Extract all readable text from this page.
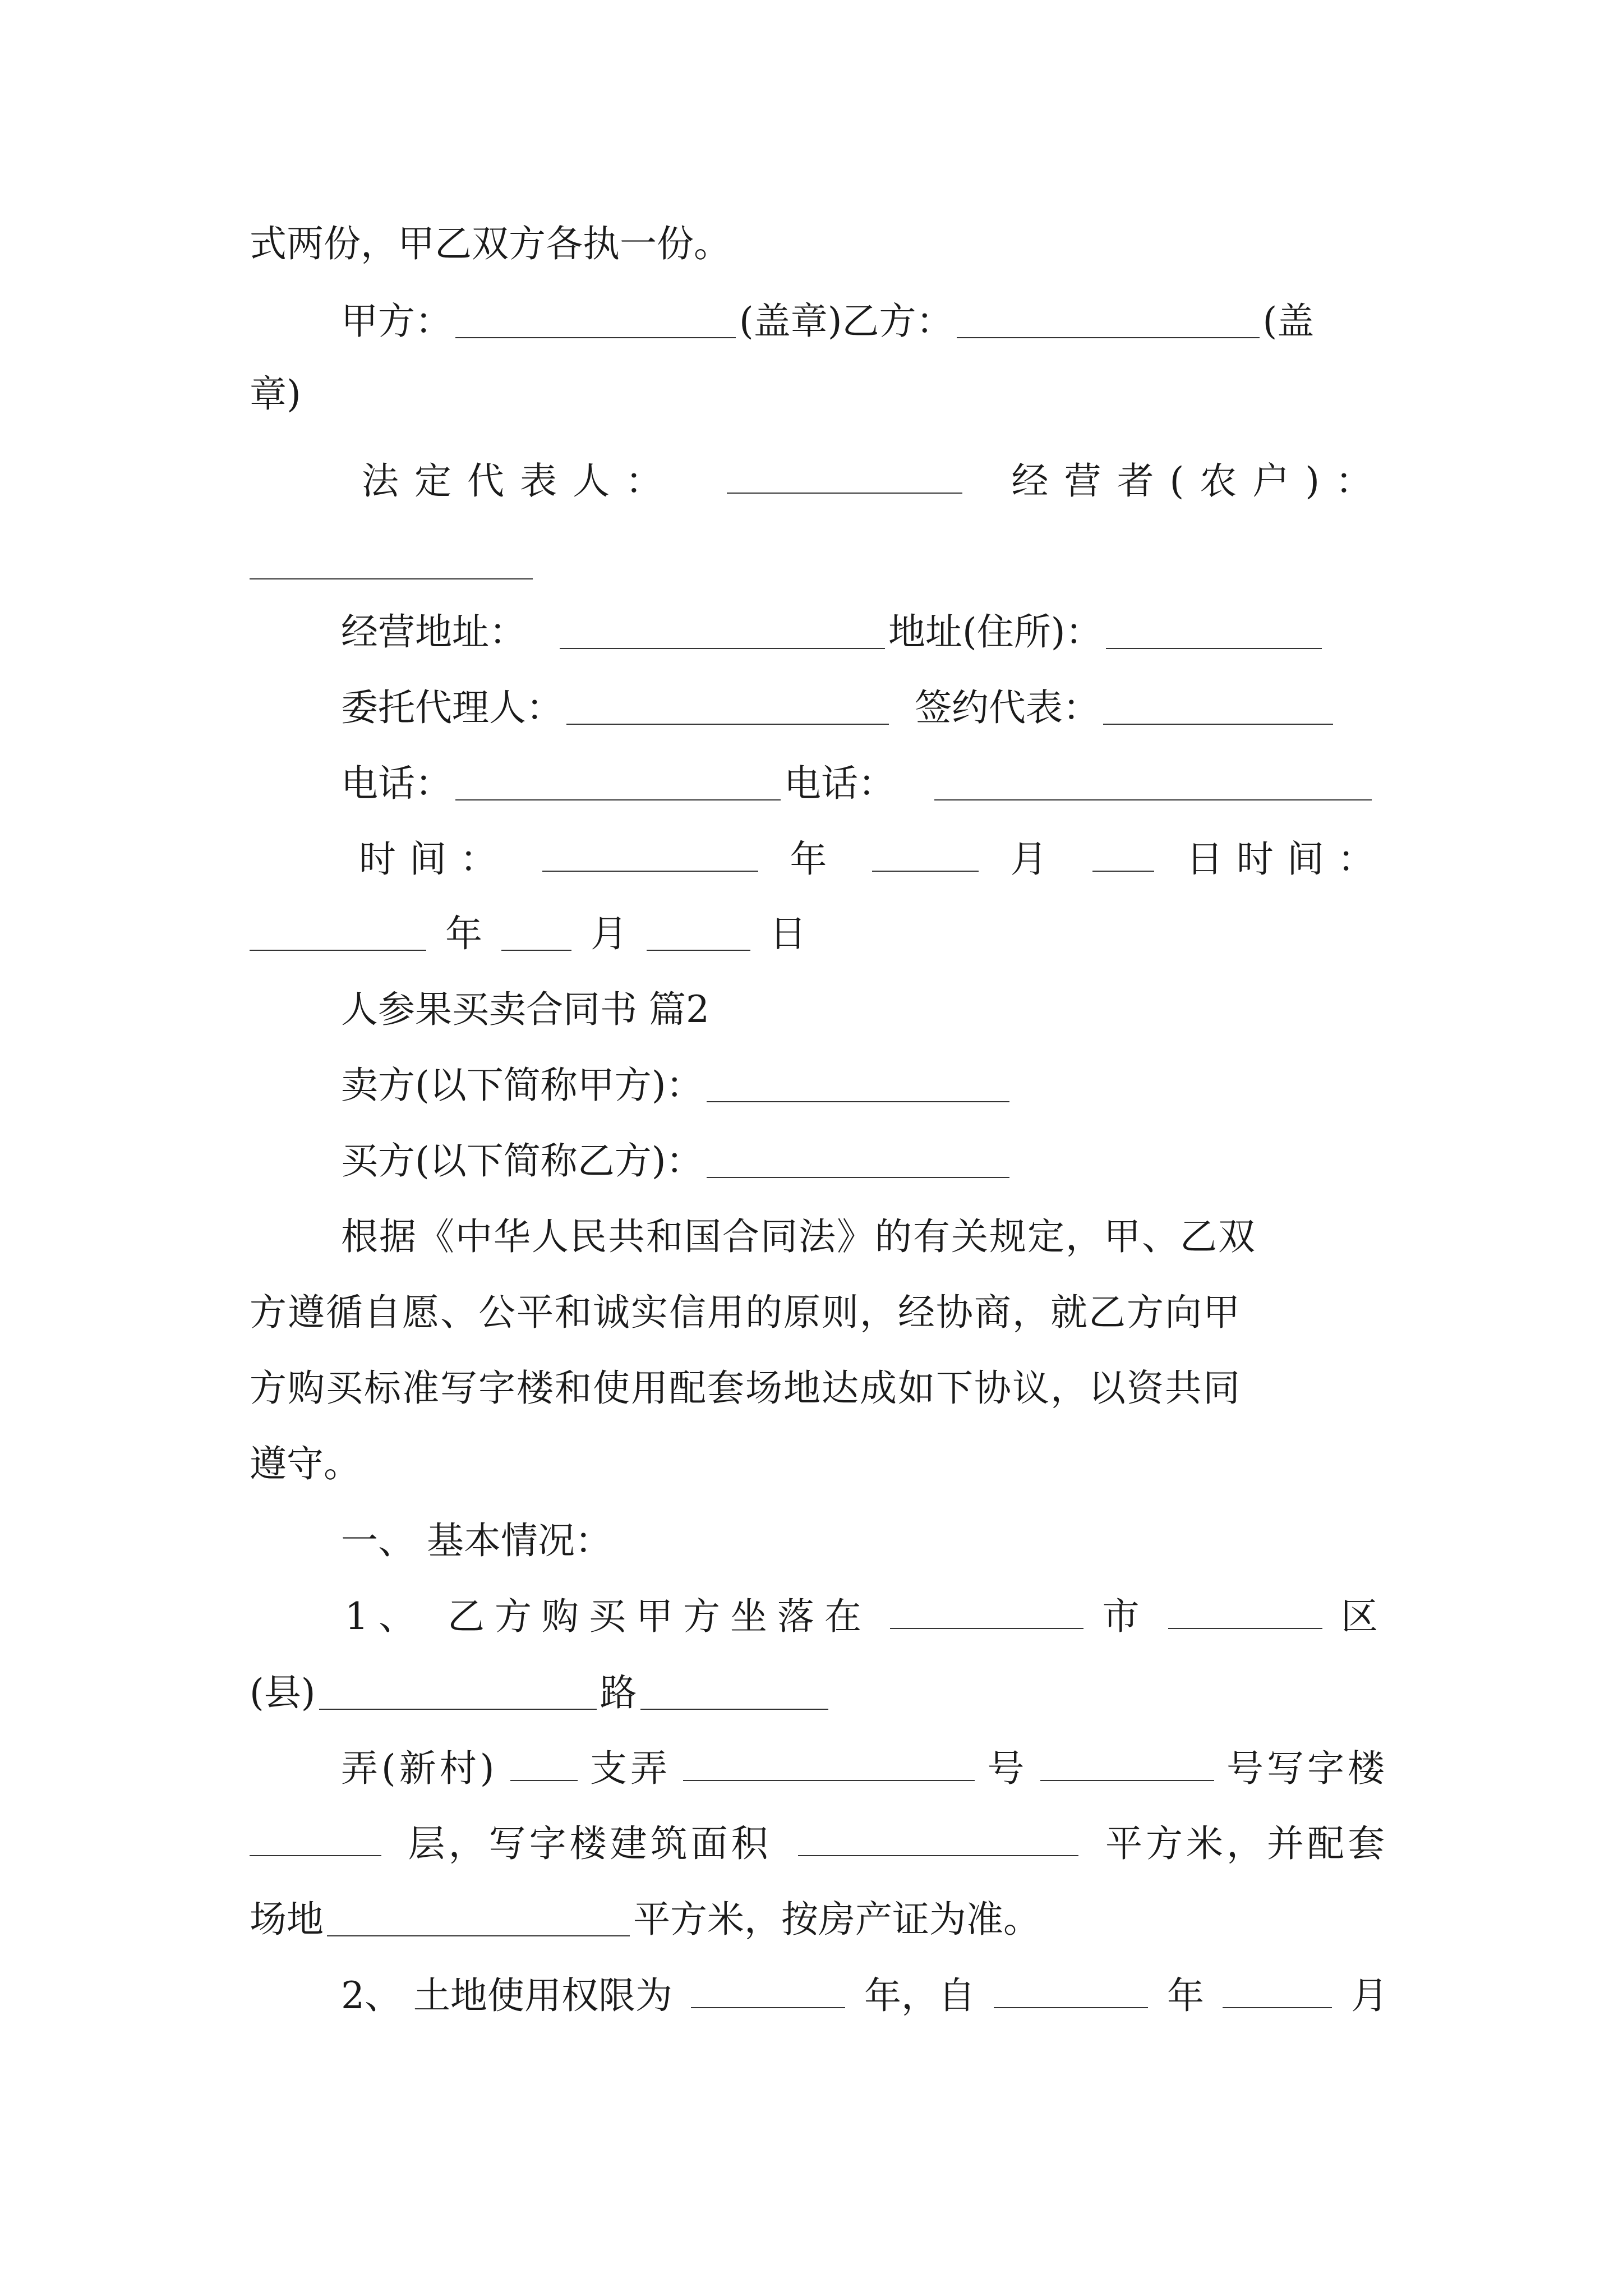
式两份，甲乙双方各执一份。
甲方：	(盖章)乙方：	(盖
章)
法定代表人：	经营者(农户)：
经营地址：	地址(住所)：
委托代理人：	签约代表：
电话：	电话：
时间：	年	月	日时间：
年	月	日
人参果买卖合同书 篇2
卖方(以下简称甲方)：
买方(以下简称乙方)：
根据《中华人民共和国合同法》的有关规定，甲、乙双
方遵循自愿、公平和诚实信用的原则，经协商，就乙方向甲
方购买标准写字楼和使用配套场地达成如下协议，以资共同
遵守。
一、 基本情况：
1、 乙方购买甲方坐落在	市	区
(县)	路
弄(新村) 支弄	号	号写字楼
层，写字楼建筑面积	平方米，并配套
场地	平方米，按房产证为准。
2、 土地使用权限为	年，自	年	月
